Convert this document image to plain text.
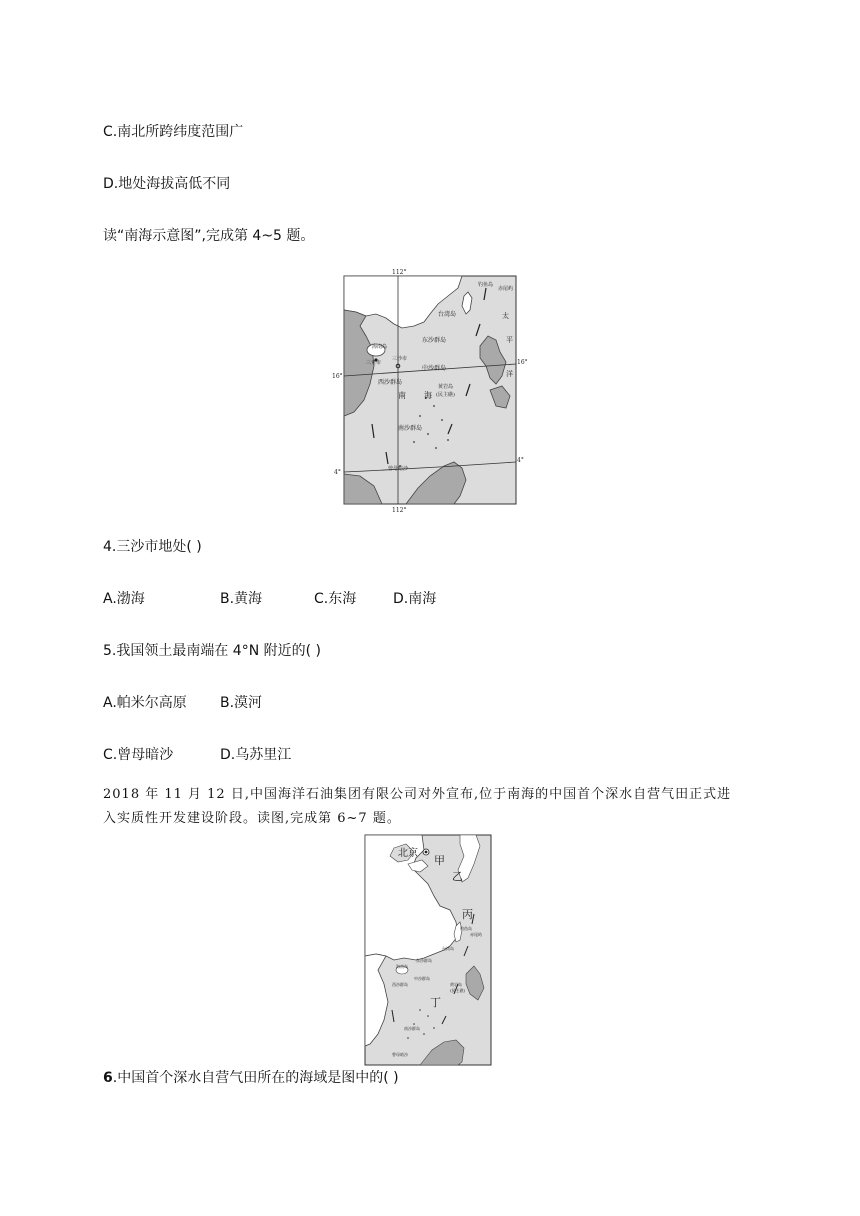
C.南北所跨纬度范围广
D.地处海拔高低不同
读“南海示意图”,完成第 4~5 题。
112°
112°
16°
16°
4°
4°
钓鱼岛
赤尾屿
台湾岛	太
平
洋
东沙群岛
海南岛
三亚市
三沙市
中沙群岛
西沙群岛
黄岩岛
(民主礁)
南 海
南沙群岛
曾母暗沙
4.三沙市地处( )
A.渤海	B.黄海	C.东海	D.南海
5.我国领土最南端在 4°N 附近的( )
A.帕米尔高原 B.漠河
C.曾母暗沙	D.乌苏里江
2018 年 11 月 12 日,中国海洋石油集团有限公司对外宣布,位于南海的中国首个深水自营气田正式进
入实质性开发建设阶段。读图,完成第 6~7 题。
北京
甲
乙
丙
丁
钓鱼岛
赤尾屿
台湾岛
东沙群岛
海南岛
西沙群岛
中沙群岛
黄岩岛
(民主礁)
南沙群岛
曾母暗沙
6.中国首个深水自营气田所在的海域是图中的( )
